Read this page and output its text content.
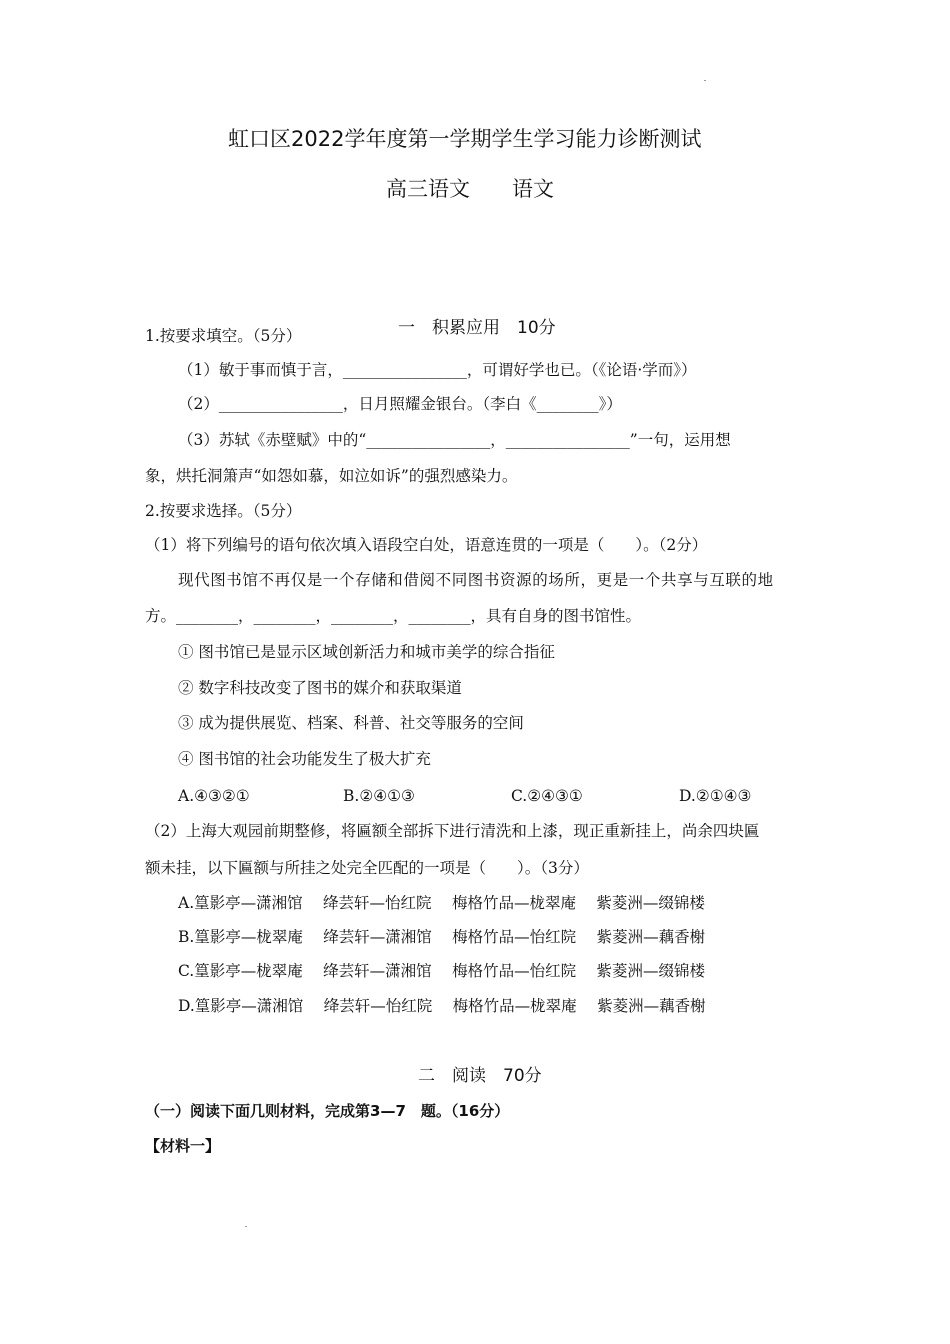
虹口区2022学年度第一学期学生学习能力诊断测试
高三语文　　语文
一　积累应用　10分
1.按要求填空。（5分）
（1）敏于事而慎于言，________________，可谓好学也已。（《论语·学而》）
（2）________________，日月照耀金银台。（李白《________》）
（3）苏轼《赤壁赋》中的“________________，________________”一句，运用想
象，烘托洞箫声“如怨如慕，如泣如诉”的强烈感染力。
2.按要求选择。（5分）
（1）将下列编号的语句依次填入语段空白处，语意连贯的一项是（　　）。（2分）
现代图书馆不再仅是一个存储和借阅不同图书资源的场所，更是一个共享与互联的地
方。________，________，________，________，具有自身的图书馆性。
① 图书馆已是显示区域创新活力和城市美学的综合指征
② 数字科技改变了图书的媒介和获取渠道
③ 成为提供展览、档案、科普、社交等服务的空间
④ 图书馆的社会功能发生了极大扩充
A.④③②①	B.②④①③	C.②④③①	D.②①④③
（2）上海大观园前期整修，将匾额全部拆下进行清洗和上漆，现正重新挂上，尚余四块匾
额未挂，以下匾额与所挂之处完全匹配的一项是（　　）。（3分）
A.篁影亭—潇湘馆　 绛芸轩—怡红院　 梅格竹品—栊翠庵　 紫菱洲—缀锦楼
B.篁影亭—栊翠庵　 绛芸轩—潇湘馆　 梅格竹品—怡红院　 紫菱洲—藕香榭
C.篁影亭—栊翠庵　 绛芸轩—潇湘馆　 梅格竹品—怡红院　 紫菱洲—缀锦楼
D.篁影亭—潇湘馆　 绛芸轩—怡红院　 梅格竹品—栊翠庵　 紫菱洲—藕香榭
二　阅读　70分
（一）阅读下面几则材料，完成第3—7　题。（16分）
【材料一】
